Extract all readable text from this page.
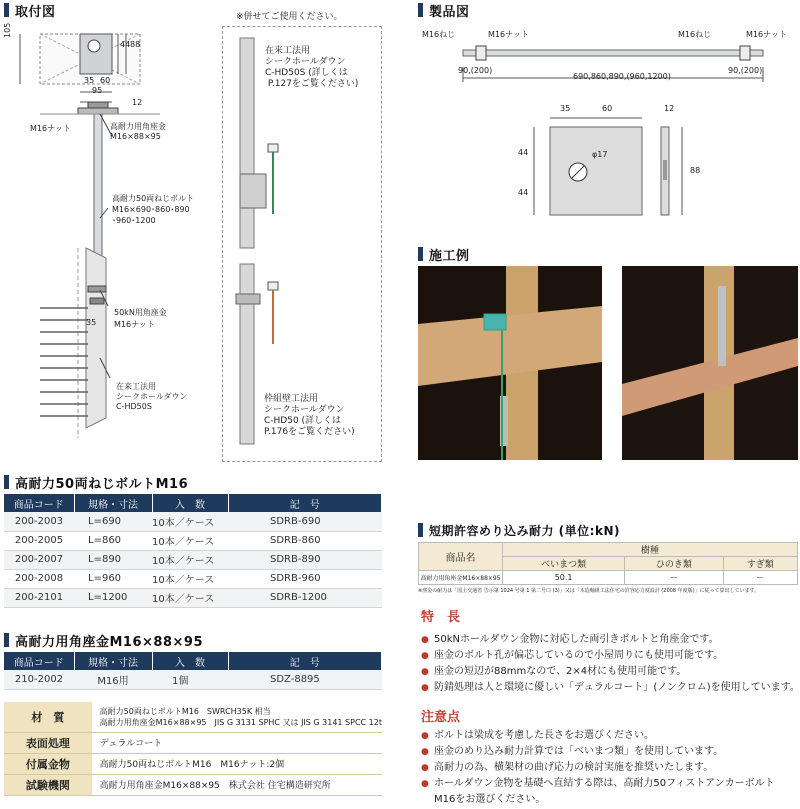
取付図
105
44 88
35 60
95
12
M16ナット	高耐力用角座金
M16×88×95
高耐力50両ねじボルト
M16×690･860･890
･960･1200
35
50kN用角座金
M16ナット
在来工法用
シークホールダウン
C-HD50S
※併せてご使用ください。
在来工法用
シークホールダウン
C-HD50S (詳しくは
P.127をご覧ください)
枠組壁工法用
シークホールダウン
C-HD50 (詳しくは
P.176をご覧ください)
製品図
M16ねじ	M16ナット	M16ねじ	M16ナット
90,(200)
690,860,890,(960,1200)
90,(200)
35	60	12
44
44
88
φ17
施工例
高耐力50両ねじボルトM16
商品コード	規格・寸法	入　数	記　号
200-2003	L=690	10本／ケース	SDRB-690
200-2005	L=860	10本／ケース	SDRB-860
200-2007	L=890	10本／ケース	SDRB-890
200-2008	L=960	10本／ケース	SDRB-960
200-2101	L=1200	10本／ケース	SDRB-1200
高耐力用角座金M16×88×95
商品コード	規格・寸法	入　数	記　号
210-2002	M16用	1個	SDZ-8895
材　質	高耐力50両ねじボルトM16　SWRCH35K 相当
高耐力用角座金M16×88×95　JIS G 3131 SPHC 又は JIS G 3141 SPCC 12t
表面処理	デュラルコート
付属金物	高耐力50両ねじボルトM16　M16ナット:2個
試験機関	高耐力用角座金M16×88×95　株式会社 住宅構造研究所
短期許容めり込み耐力 (単位:kN)
商品名	樹種		
	べいまつ類	ひのき類	すぎ類
高耐力用角座金M16×88×95	50.1	ー	ー
※座金の耐力は「国土交通省 告示第 1024 号第 1 第二号口 (3)」又は「木造軸組工法住宅の許容応力度設計 (2008 年度版)」に従って算出しています。
特　長
● 50kNホールダウン金物に対応した両引きボルトと角座金です。
● 座金のボルト孔が偏芯しているので小屋周りにも使用可能です。
● 座金の短辺が88mmなので、2×4材にも使用可能です。
● 防錆処理は人と環境に優しい「デュラルコート」(ノンクロム)を使用しています。
注意点
● ボルトは梁成を考慮した長さをお選びください。
● 座金のめり込み耐力計算では「べいまつ類」を使用しています。
● 高耐力の為、横架材の曲げ応力の検討実施を推奨いたします。
● ホールダウン金物を基礎へ直結する際は、高耐力50フィストアンカーボルト
M16をお選びください。
